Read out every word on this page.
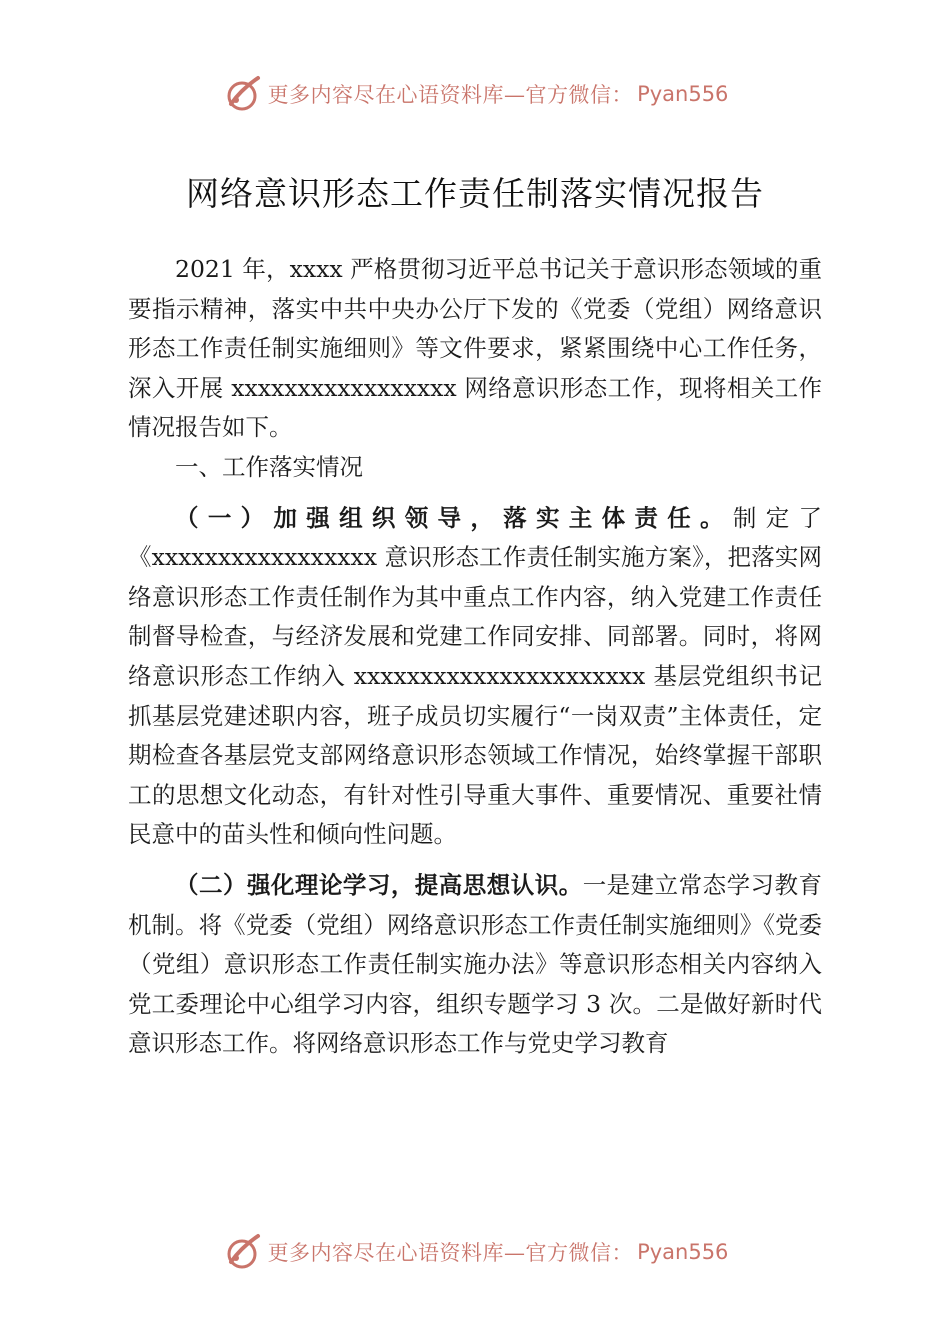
更多内容尽在心语资料库—官方微信： Pyan556
网络意识形态工作责任制落实情况报告

2021 年，xxxx 严格贯彻习近平总书记关于意识形态领域的重要指示精神，落实中共中央办公厅下发的《党委（党组）网络意识形态工作责任制实施细则》等文件要求，紧紧围绕中心工作任务，深入开展 xxxxxxxxxxxxxxxxx 网络意识形态工作，现将相关工作情况报告如下。

一、工作落实情况

（一）加强组织领导，落实主体责任。制定了《xxxxxxxxxxxxxxxxx 意识形态工作责任制实施方案》，把落实网络意识形态工作责任制作为其中重点工作内容，纳入党建工作责任制督导检查，与经济发展和党建工作同安排、同部署。同时，将网络意识形态工作纳入 xxxxxxxxxxxxxxxxxxxxxx 基层党组织书记抓基层党建述职内容，班子成员切实履行“一岗双责”主体责任，定期检查各基层党支部网络意识形态领域工作情况，始终掌握干部职工的思想文化动态，有针对性引导重大事件、重要情况、重要社情民意中的苗头性和倾向性问题。

（二）强化理论学习，提高思想认识。一是建立常态学习教育机制。将《党委（党组）网络意识形态工作责任制实施细则》《党委（党组）意识形态工作责任制实施办法》等意识形态相关内容纳入党工委理论中心组学习内容，组织专题学习 3 次。二是做好新时代意识形态工作。将网络意识形态工作与党史学习教育

更多内容尽在心语资料库—官方微信： Pyan556
